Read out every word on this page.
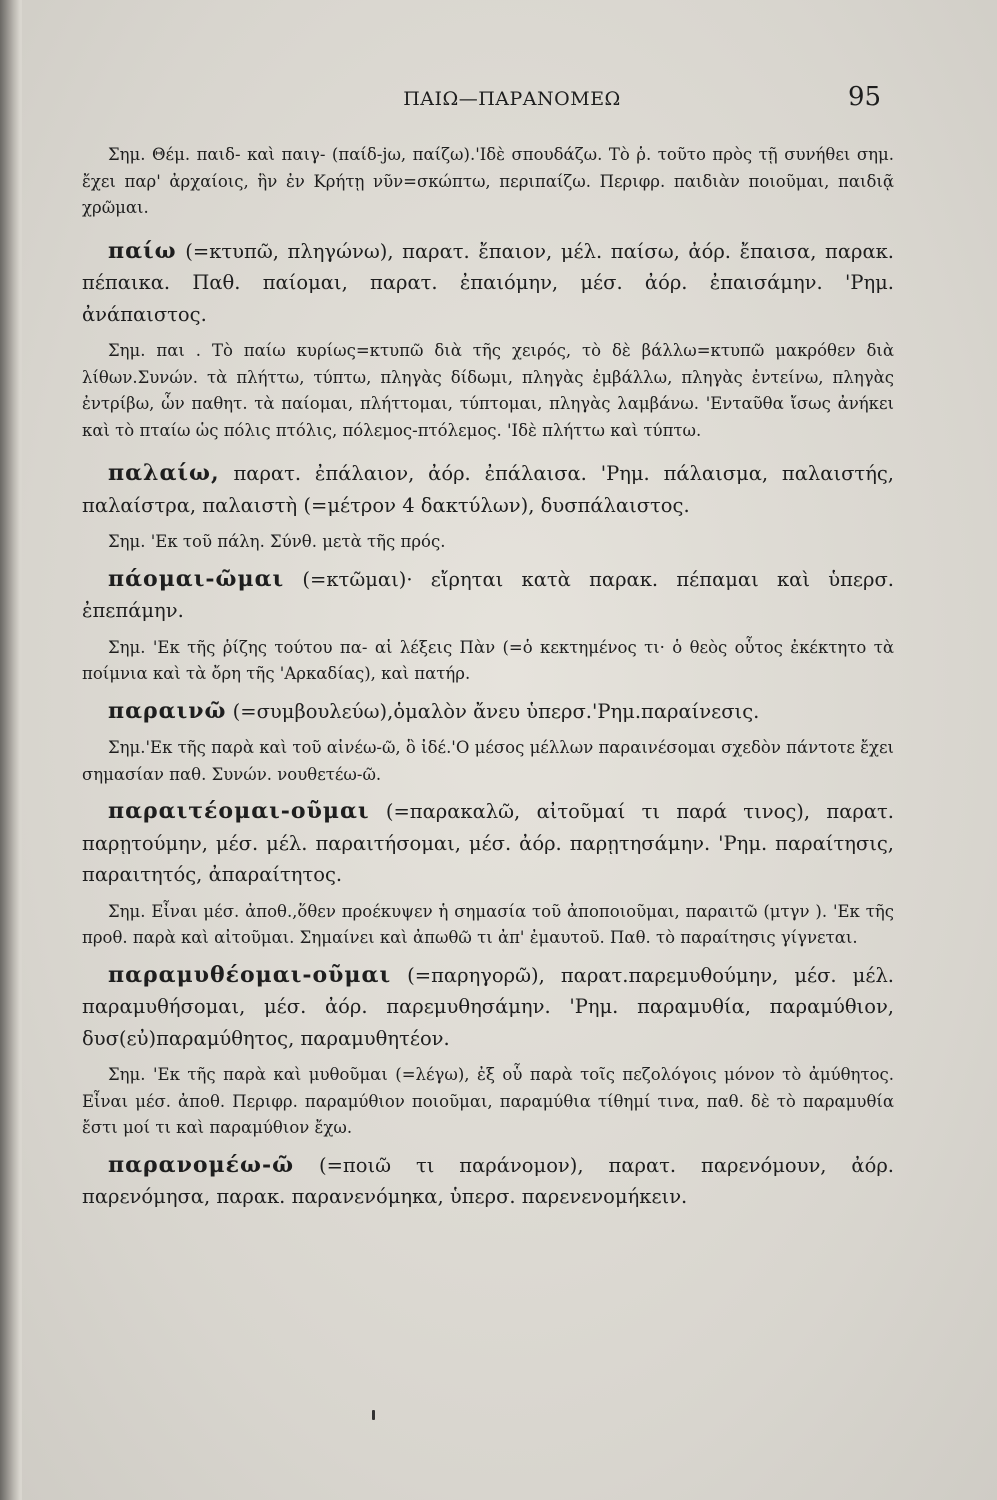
ΠΑΙΩ—ΠΑΡΑΝΟΜΕΩ	95

Σημ. Θέμ. παιδ- καὶ παιγ- (παίδ-jω, παίζω).'Ιδὲ σπουδάζω. Τὸ ῥ. τοῦτο πρὸς τῇ συνήθει σημ. ἔχει παρ' ἀρχαίοις, ἣν ἐν Κρήτῃ νῦν=σκώπτω, περιπαίζω. Περιφρ. παιδιὰν ποιοῦμαι, παιδιᾷ χρῶμαι.

παίω (=κτυπῶ, πληγώνω), παρατ. ἔπαιον, μέλ. παίσω, ἀόρ. ἔπαισα, παρακ. πέπαικα. Παθ. παίομαι, παρατ. ἐπαιόμην, μέσ. ἀόρ. ἐπαισάμην. 'Ρημ. ἀνάπαιστος.

Σημ. παι . Τὸ παίω κυρίως=κτυπῶ διὰ τῆς χειρός, τὸ δὲ βάλλω=κτυπῶ μακρόθεν διὰ λίθων.Συνών. τὰ πλήττω, τύπτω, πληγὰς δίδωμι, πληγὰς ἐμβάλλω, πληγὰς ἐντείνω, πληγὰς ἐντρίβω, ὧν παθητ. τὰ παίομαι, πλήττομαι, τύπτομαι, πληγὰς λαμβάνω. 'Ενταῦθα ἴσως ἀνήκει καὶ τὸ πταίω ὡς πόλις πτόλις, πόλεμος-πτόλεμος. 'Ιδὲ πλήττω καὶ τύπτω.

παλαίω, παρατ. ἐπάλαιον, ἀόρ. ἐπάλαισα. 'Ρημ. πάλαισμα, παλαιστής, παλαίστρα, παλαιστὴ (=μέτρον 4 δακτύλων), δυσπάλαιστος.

Σημ. 'Εκ τοῦ πάλη. Σύνθ. μετὰ τῆς πρός.

πάομαι-ῶμαι (=κτῶμαι)· εἴρηται κατὰ παρακ. πέπαμαι καὶ ὑπερσ. ἐπεπάμην.

Σημ. 'Εκ τῆς ῥίζης τούτου πα- αἱ λέξεις Πὰν (=ὁ κεκτημένος τι· ὁ θεὸς οὗτος ἐκέκτητο τὰ ποίμνια καὶ τὰ ὄρη τῆς 'Αρκαδίας), καὶ πατήρ.

παραινῶ (=συμβουλεύω),ὁμαλὸν ἄνευ ὑπερσ.'Ρημ.παραίνεσις.

Σημ.'Εκ τῆς παρὰ καὶ τοῦ αἰνέω-ῶ, ὃ ἰδέ.'Ο μέσος μέλλων παραινέσομαι σχεδὸν πάντοτε ἔχει σημασίαν παθ. Συνών. νουθετέω-ῶ.

παραιτέομαι-οῦμαι (=παρακαλῶ, αἰτοῦμαί τι παρά τινος), παρατ. παρῃτούμην, μέσ. μέλ. παραιτήσομαι, μέσ. ἀόρ. παρῃτησάμην. 'Ρημ. παραίτησις, παραιτητός, ἀπαραίτητος.

Σημ. Εἶναι μέσ. ἀποθ.,ὅθεν προέκυψεν ἡ σημασία τοῦ ἀποποιοῦμαι, παραιτῶ (μτγν ). 'Εκ τῆς προθ. παρὰ καὶ αἰτοῦμαι. Σημαίνει καὶ ἀπωθῶ τι ἀπ' ἐμαυτοῦ. Παθ. τὸ παραίτησις γίγνεται.

παραμυθέομαι-οῦμαι (=παρηγορῶ), παρατ.παρεμυθούμην, μέσ. μέλ. παραμυθήσομαι, μέσ. ἀόρ. παρεμυθησάμην. 'Ρημ. παραμυθία, παραμύθιον, δυσ(εὐ)παραμύθητος, παραμυθητέον.

Σημ. 'Εκ τῆς παρὰ καὶ μυθοῦμαι (=λέγω), ἐξ οὗ παρὰ τοῖς πεζολόγοις μόνον τὸ ἀμύθητος. Εἶναι μέσ. ἀποθ. Περιφρ. παραμύθιον ποιοῦμαι, παραμύθια τίθημί τινα, παθ. δὲ τὸ παραμυθία ἔστι μοί τι καὶ παραμύθιον ἔχω.

παρανομέω-ῶ (=ποιῶ τι παράνομον), παρατ. παρενόμουν, ἀόρ. παρενόμησα, παρακ. παρανενόμηκα, ὑπερσ. παρενενομήκειν.
